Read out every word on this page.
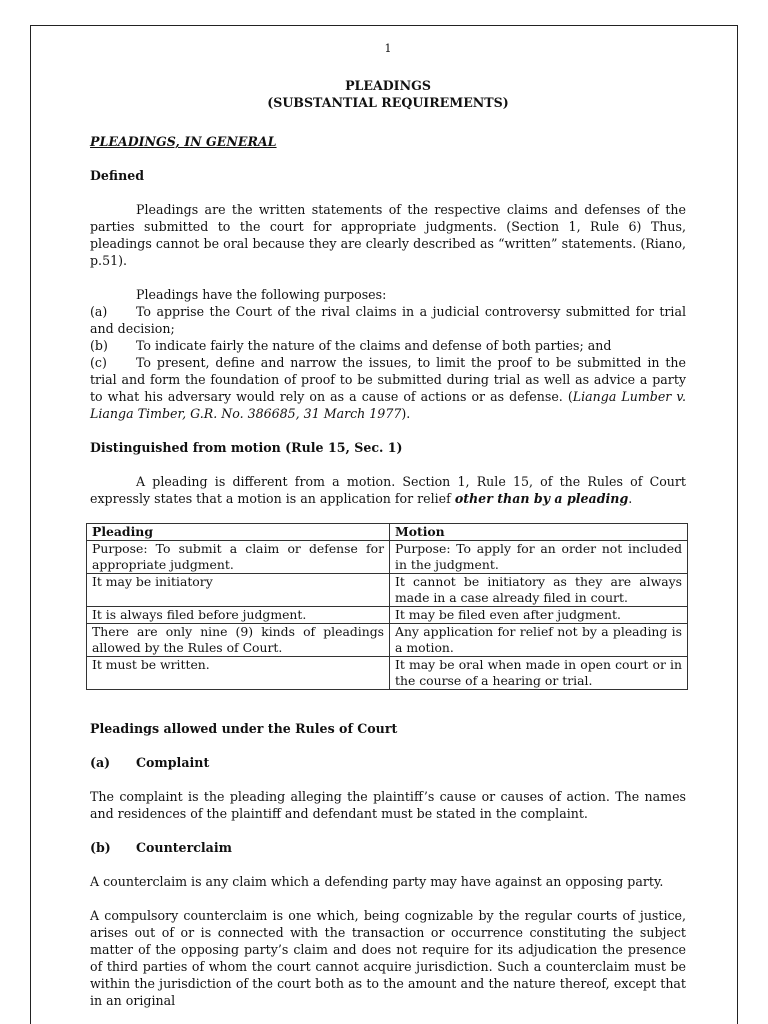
1
PLEADINGS
(SUBSTANTIAL REQUIREMENTS)
PLEADINGS, IN GENERAL
Defined

Pleadings are the written statements of the respective claims and defenses of the parties submitted to the court for appropriate judgments. (Section 1, Rule 6) Thus, pleadings cannot be oral because they are clearly described as “written” statements. (Riano, p.51).

Pleadings have the following purposes:

(a) To apprise the Court of the rival claims in a judicial controversy submitted for trial and decision;
(b) To indicate fairly the nature of the claims and defense of both parties; and
(c) To present, define and narrow the issues, to limit the proof to be submitted in the trial and form the foundation of proof to be submitted during trial as well as advice a party to what his adversary would rely on as a cause of actions or as defense. (Lianga Lumber v. Lianga Timber, G.R. No. 386685, 31 March 1977).
Distinguished from motion (Rule 15, Sec. 1)

A pleading is different from a motion. Section 1, Rule 15, of the Rules of Court expressly states that a motion is an application for relief other than by a pleading.

Pleading	Motion
Purpose: To submit a claim or defense for appropriate judgment.	Purpose: To apply for an order not included in the judgment.
It may be initiatory	It cannot be initiatory as they are always made in a case already filed in court.
It is always filed before judgment.	It may be filed even after judgment.
There are only nine (9) kinds of pleadings allowed by the Rules of Court.	Any application for relief not by a pleading is a motion.
It must be written.	It may be oral when made in open court or in the course of a hearing or trial.
Pleadings allowed under the Rules of Court
(a)	Complaint

The complaint is the pleading alleging the plaintiff’s cause or causes of action. The names and residences of the plaintiff and defendant must be stated in the complaint.

(b)	Counterclaim

A counterclaim is any claim which a defending party may have against an opposing party.

A compulsory counterclaim is one which, being cognizable by the regular courts of justice, arises out of or is connected with the transaction or occurrence constituting the subject matter of the opposing party’s claim and does not require for its adjudication the presence of third parties of whom the court cannot acquire jurisdiction. Such a counterclaim must be within the jurisdiction of the court both as to the amount and the nature thereof, except that in an original
